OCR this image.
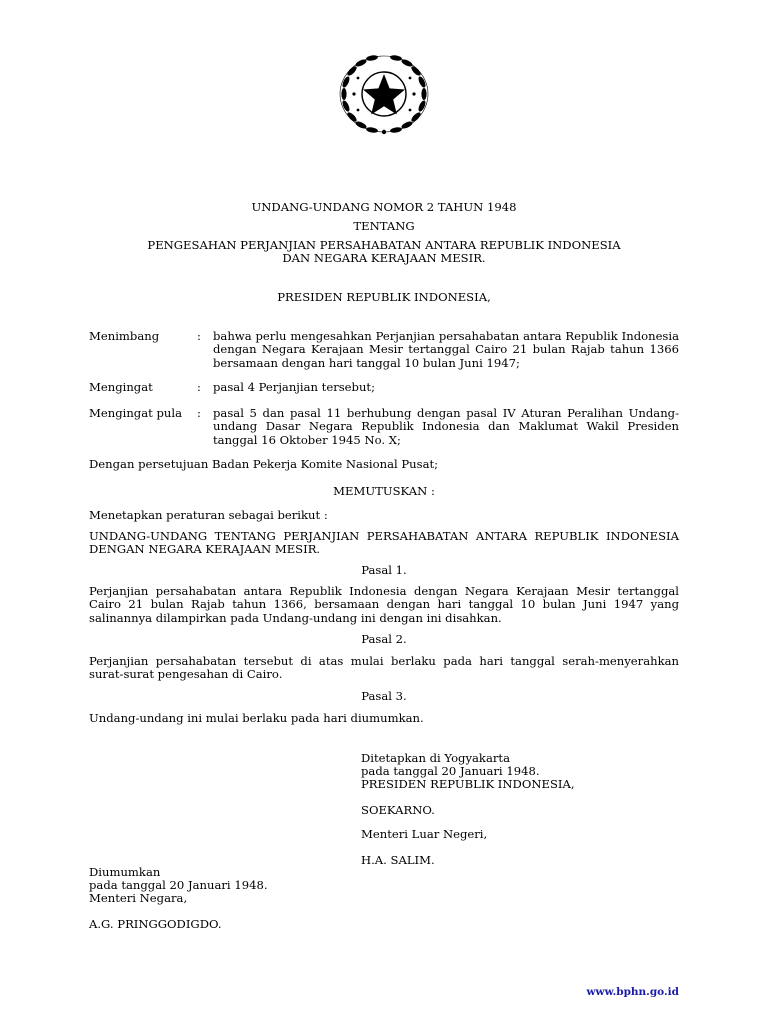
UNDANG-UNDANG NOMOR 2 TAHUN 1948
TENTANG
PENGESAHAN PERJANJIAN PERSAHABATAN ANTARA REPUBLIK INDONESIA
DAN NEGARA KERAJAAN MESIR.
PRESIDEN REPUBLIK INDONESIA,
Menimbang	: bahwa perlu mengesahkan Perjanjian persahabatan antara Republik Indonesia dengan Negara Kerajaan Mesir tertanggal Cairo 21 bulan Rajab tahun 1366 bersamaan dengan hari tanggal 10 bulan Juni 1947;
Mengingat	: pasal 4 Perjanjian tersebut;
Mengingat pula : pasal 5 dan pasal 11 berhubung dengan pasal IV Aturan Peralihan Undang-undang Dasar Negara Republik Indonesia dan Maklumat Wakil Presiden tanggal 16 Oktober 1945 No. X;
Dengan persetujuan Badan Pekerja Komite Nasional Pusat;
MEMUTUSKAN :
Menetapkan peraturan sebagai berikut :
UNDANG-UNDANG TENTANG PERJANJIAN PERSAHABATAN ANTARA REPUBLIK INDONESIA DENGAN NEGARA KERAJAAN MESIR.
Pasal 1.
Perjanjian persahabatan antara Republik Indonesia dengan Negara Kerajaan Mesir tertanggal Cairo 21 bulan Rajab tahun 1366, bersamaan dengan hari tanggal 10 bulan Juni 1947 yang salinannya dilampirkan pada Undang-undang ini dengan ini disahkan.
Pasal 2.
Perjanjian persahabatan tersebut di atas mulai berlaku pada hari tanggal serah-menyerahkan surat-surat pengesahan di Cairo.
Pasal 3.
Undang-undang ini mulai berlaku pada hari diumumkan.
Ditetapkan di Yogyakarta
pada tanggal 20 Januari 1948.
PRESIDEN REPUBLIK INDONESIA,
SOEKARNO.
Menteri Luar Negeri,
H.A. SALIM.
Diumumkan
pada tanggal 20 Januari 1948.
Menteri Negara,
A.G. PRINGGODIGDO.
www.bphn.go.id
